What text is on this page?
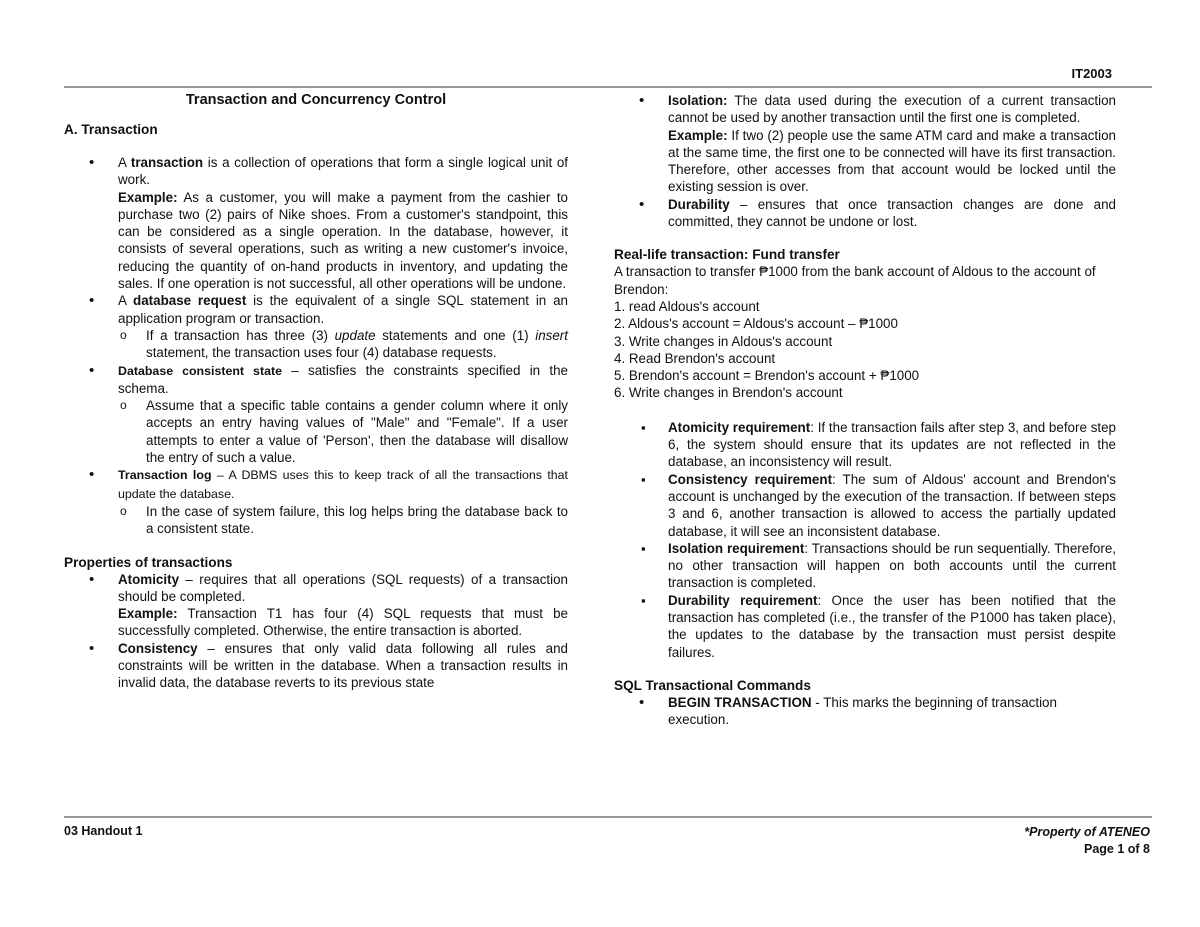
IT2003
Transaction and Concurrency Control
A. Transaction

• A transaction is a collection of operations that form a single logical unit of work.

Example: As a customer, you will make a payment from the cashier to purchase two (2) pairs of Nike shoes. From a customer's standpoint, this can be considered as a single operation. In the database, however, it consists of several operations, such as writing a new customer's invoice, reducing the quantity of on-hand products in inventory, and updating the sales. If one operation is not successful, all other operations will be undone.

• A database request is the equivalent of a single SQL statement in an application program or transaction.

o If a transaction has three (3) update statements and one (1) insert statement, the transaction uses four (4) database requests.

• Database consistent state – satisfies the constraints specified in the schema.

o Assume that a specific table contains a gender column where it only accepts an entry having values of "Male" and "Female". If a user attempts to enter a value of 'Person', then the database will disallow the entry of such a value.

• Transaction log – A DBMS uses this to keep track of all the transactions that update the database.

o In the case of system failure, this log helps bring the database back to a consistent state.
Properties of transactions

• Atomicity – requires that all operations (SQL requests) of a transaction should be completed.

Example: Transaction T1 has four (4) SQL requests that must be successfully completed. Otherwise, the entire transaction is aborted.

• Consistency – ensures that only valid data following all rules and constraints will be written in the database. When a transaction results in invalid data, the database reverts to its previous state

• Isolation: The data used during the execution of a current transaction cannot be used by another transaction until the first one is completed.

Example: If two (2) people use the same ATM card and make a transaction at the same time, the first one to be connected will have its first transaction. Therefore, other accesses from that account would be locked until the existing session is over.

• Durability – ensures that once transaction changes are done and committed, they cannot be undone or lost.

Real-life transaction: Fund transfer

A transaction to transfer ₱1000 from the bank account of Aldous to the account of Brendon:

1. read Aldous's account
2. Aldous's account = Aldous's account – ₱1000
3. Write changes in Aldous's account
4. Read Brendon's account
5. Brendon's account = Brendon's account + ₱1000
6. Write changes in Brendon's account
▪ Atomicity requirement: If the transaction fails after step 3, and before step 6, the system should ensure that its updates are not reflected in the database, an inconsistency will result.
▪ Consistency requirement: The sum of Aldous' account and Brendon's account is unchanged by the execution of the transaction. If between steps 3 and 6, another transaction is allowed to access the partially updated database, it will see an inconsistent database.
▪ Isolation requirement: Transactions should be run sequentially. Therefore, no other transaction will happen on both accounts until the current transaction is completed.
▪ Durability requirement: Once the user has been notified that the transaction has completed (i.e., the transfer of the P1000 has taken place), the updates to the database by the transaction must persist despite failures.
SQL Transactional Commands
• BEGIN TRANSACTION - This marks the beginning of transaction execution.
03 Handout 1	*Property of ATENEO
Page 1 of 8
